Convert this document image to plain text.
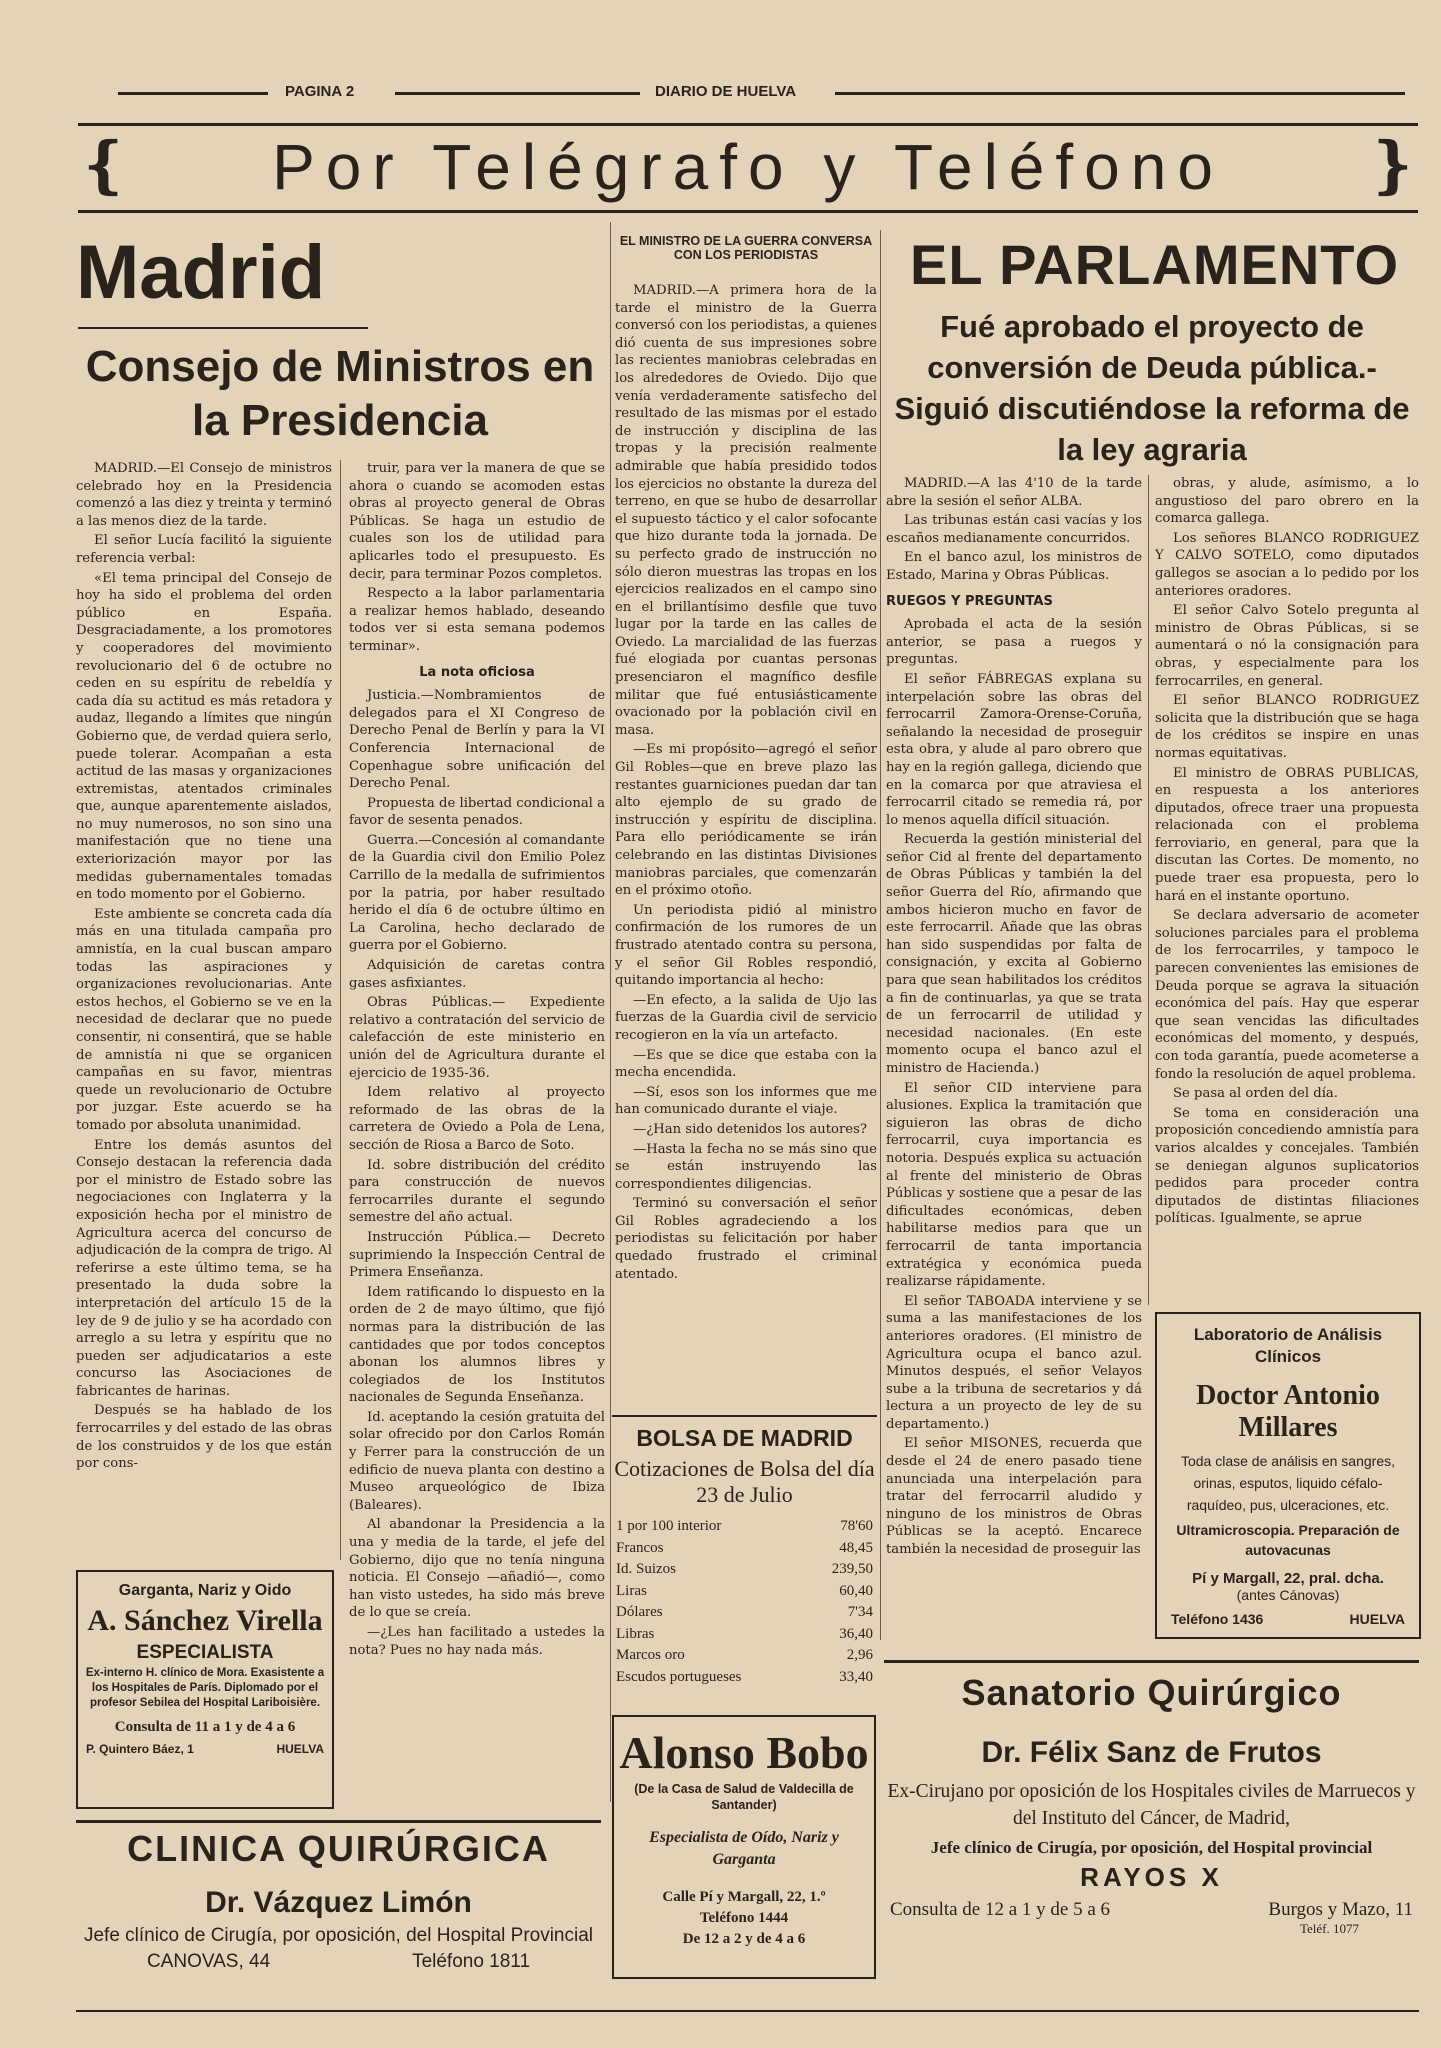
PAGINA 2	DIARIO DE HUELVA
❴ Por Telégrafo y Teléfono ❵
Madrid
Consejo de Ministros en la Presidencia

MADRID.—El Consejo de ministros celebrado hoy en la Presidencia comenzó a las diez y treinta y terminó a las menos diez de la tarde.

El señor Lucía facilitó la siguiente referencia verbal:

«El tema principal del Consejo de hoy ha sido el problema del orden público en España. Desgraciadamente, a los promotores y cooperadores del movimiento revolucionario del 6 de octubre no ceden en su espíritu de rebeldía y cada día su actitud es más retadora y audaz, llegando a límites que ningún Gobierno que, de verdad quiera serlo, puede tolerar. Acompañan a esta actitud de las masas y organizaciones extremistas, atentados criminales que, aunque aparentemente aislados, no muy numerosos, no son sino una manifestación que no tiene una exteriorización mayor por las medidas gubernamentales tomadas en todo momento por el Gobierno.

Este ambiente se concreta cada día más en una titulada campaña pro amnistía, en la cual buscan amparo todas las aspiraciones y organizaciones revolucionarias. Ante estos hechos, el Gobierno se ve en la necesidad de declarar que no puede consentir, ni consentirá, que se hable de amnistía ni que se organicen campañas en su favor, mientras quede un revolucionario de Octubre por juzgar. Este acuerdo se ha tomado por absoluta unanimidad.

Entre los demás asuntos del Consejo destacan la referencia dada por el ministro de Estado sobre las negociaciones con Inglaterra y la exposición hecha por el ministro de Agricultura acerca del concurso de adjudicación de la compra de trigo. Al referirse a este último tema, se ha presentado la duda sobre la interpretación del artículo 15 de la ley de 9 de julio y se ha acordado con arreglo a su letra y espíritu que no pueden ser adjudicatarios a este concurso las Asociaciones de fabricantes de harinas.

Después se ha hablado de los ferrocarriles y del estado de las obras de los construidos y de los que están por cons-

truir, para ver la manera de que se ahora o cuando se acomoden estas obras al proyecto general de Obras Públicas. Se haga un estudio de cuales son los de utilidad para aplicarles todo el presupuesto. Es decir, para terminar Pozos completos.

Respecto a la labor parlamentaria a realizar hemos hablado, deseando todos ver si esta semana podemos terminar».

La nota oficiosa

Justicia.—Nombramientos de delegados para el XI Congreso de Derecho Penal de Berlín y para la VI Conferencia Internacional de Copenhague sobre unificación del Derecho Penal.

Propuesta de libertad condicional a favor de sesenta penados.

Guerra.—Concesión al comandante de la Guardia civil don Emilio Polez Carrillo de la medalla de sufrimientos por la patria, por haber resultado herido el día 6 de octubre último en La Carolina, hecho declarado de guerra por el Gobierno.

Adquisición de caretas contra gases asfixiantes.

Obras Públicas.— Expediente relativo a contratación del servicio de calefacción de este ministerio en unión del de Agricultura durante el ejercicio de 1935-36.

Idem relativo al proyecto reformado de las obras de la carretera de Oviedo a Pola de Lena, sección de Riosa a Barco de Soto.

Id. sobre distribución del crédito para construcción de nuevos ferrocarriles durante el segundo semestre del año actual.

Instrucción Pública.— Decreto suprimiendo la Inspección Central de Primera Enseñanza.

Idem ratificando lo dispuesto en la orden de 2 de mayo último, que fijó normas para la distribución de las cantidades que por todos conceptos abonan los alumnos libres y colegiados de los Institutos nacionales de Segunda Enseñanza.

Id. aceptando la cesión gratuita del solar ofrecido por don Carlos Román y Ferrer para la construcción de un edificio de nueva planta con destino a Museo arqueológico de Ibiza (Baleares).

Al abandonar la Presidencia a la una y media de la tarde, el jefe del Gobierno, dijo que no tenía ninguna noticia. El Consejo —añadió—, como han visto ustedes, ha sido más breve de lo que se creía.

—¿Les han facilitado a ustedes la nota? Pues no hay nada más.

Garganta, Nariz y Oido
A. Sánchez Virella
ESPECIALISTA
Ex-interno H. clínico de Mora. Exasistente a los Hospitales de París. Diplomado por el profesor Sebilea del Hospital Lariboisière.
Consulta de 11 a 1 y de 4 a 6
P. Quintero Báez, 1	HUELVA
CLINICA QUIRÚRGICA
Dr. Vázquez Limón
Jefe clínico de Cirugía, por oposición, del Hospital Provincial
CANOVAS, 44	Teléfono 1811
EL MINISTRO DE LA GUERRA CONVERSA CON LOS PERIODISTAS

MADRID.—A primera hora de la tarde el ministro de la Guerra conversó con los periodistas, a quienes dió cuenta de sus impresiones sobre las recientes maniobras celebradas en los alrededores de Oviedo. Dijo que venía verdaderamente satisfecho del resultado de las mismas por el estado de instrucción y disciplina de las tropas y la precisión realmente admirable que había presidido todos los ejercicios no obstante la dureza del terreno, en que se hubo de desarrollar el supuesto táctico y el calor sofocante que hizo durante toda la jornada. De su perfecto grado de instrucción no sólo dieron muestras las tropas en los ejercicios realizados en el campo sino en el brillantísimo desfile que tuvo lugar por la tarde en las calles de Oviedo. La marcialidad de las fuerzas fué elogiada por cuantas personas presenciaron el magnífico desfile militar que fué entusiásticamente ovacionado por la población civil en masa.

—Es mi propósito—agregó el señor Gil Robles—que en breve plazo las restantes guarniciones puedan dar tan alto ejemplo de su grado de instrucción y espíritu de disciplina. Para ello periódicamente se irán celebrando en las distintas Divisiones maniobras parciales, que comenzarán en el próximo otoño.

Un periodista pidió al ministro confirmación de los rumores de un frustrado atentado contra su persona, y el señor Gil Robles respondió, quitando importancia al hecho:

—En efecto, a la salida de Ujo las fuerzas de la Guardia civil de servicio recogieron en la vía un artefacto.

—Es que se dice que estaba con la mecha encendida.

—Sí, esos son los informes que me han comunicado durante el viaje.

—¿Han sido detenidos los autores?

—Hasta la fecha no se más sino que se están instruyendo las correspondientes diligencias.

Terminó su conversación el señor Gil Robles agradeciendo a los periodistas su felicitación por haber quedado frustrado el criminal atentado.

BOLSA DE MADRID
Cotizaciones de Bolsa del día 23 de Julio
1 por 100 interior	78'60
Francos	48,45
Id. Suizos	239,50
Liras	60,40
Dólares	7'34
Libras	36,40
Marcos oro	2,96
Escudos portugueses	33,40
Alonso Bobo
(De la Casa de Salud de Valdecilla de Santander)
Especialista de Oído, Nariz y Garganta
Calle Pí y Margall, 22, 1.º
Teléfono 1444
De 12 a 2 y de 4 a 6
EL PARLAMENTO
Fué aprobado el proyecto de conversión de Deuda pública.-Siguió discutiéndose la reforma de la ley agraria

MADRID.—A las 4'10 de la tarde abre la sesión el señor ALBA.

Las tribunas están casi vacías y los escaños medianamente concurridos.

En el banco azul, los ministros de Estado, Marina y Obras Públicas.

RUEGOS Y PREGUNTAS

Aprobada el acta de la sesión anterior, se pasa a ruegos y preguntas.

El señor FÁBREGAS explana su interpelación sobre las obras del ferrocarril Zamora-Orense-Coruña, señalando la necesidad de proseguir esta obra, y alude al paro obrero que hay en la región gallega, diciendo que en la comarca por que atraviesa el ferrocarril citado se remedia rá, por lo menos aquella difícil situación.

Recuerda la gestión ministerial del señor Cid al frente del departamento de Obras Públicas y también la del señor Guerra del Río, afirmando que ambos hicieron mucho en favor de este ferrocarril. Añade que las obras han sido suspendidas por falta de consignación, y excita al Gobierno para que sean habilitados los créditos a fin de continuarlas, ya que se trata de un ferrocarril de utilidad y necesidad nacionales. (En este momento ocupa el banco azul el ministro de Hacienda.)

El señor CID interviene para alusiones. Explica la tramitación que siguieron las obras de dicho ferrocarril, cuya importancia es notoria. Después explica su actuación al frente del ministerio de Obras Públicas y sostiene que a pesar de las dificultades económicas, deben habilitarse medios para que un ferrocarril de tanta importancia extratégica y económica pueda realizarse rápidamente.

El señor TABOADA interviene y se suma a las manifestaciones de los anteriores oradores. (El ministro de Agricultura ocupa el banco azul. Minutos después, el señor Velayos sube a la tribuna de secretarios y dá lectura a un proyecto de ley de su departamento.)

El señor MISONES, recuerda que desde el 24 de enero pasado tiene anunciada una interpelación para tratar del ferrocarril aludido y ninguno de los ministros de Obras Públicas se la aceptó. Encarece también la necesidad de proseguir las

obras, y alude, asímismo, a lo angustioso del paro obrero en la comarca gallega.

Los señores BLANCO RODRIGUEZ Y CALVO SOTELO, como diputados gallegos se asocian a lo pedido por los anteriores oradores.

El señor Calvo Sotelo pregunta al ministro de Obras Públicas, si se aumentará o nó la consignación para obras, y especialmente para los ferrocarriles, en general.

El señor BLANCO RODRIGUEZ solicita que la distribución que se haga de los créditos se inspire en unas normas equitativas.

El ministro de OBRAS PUBLICAS, en respuesta a los anteriores diputados, ofrece traer una propuesta relacionada con el problema ferroviario, en general, para que la discutan las Cortes. De momento, no puede traer esa propuesta, pero lo hará en el instante oportuno.

Se declara adversario de acometer soluciones parciales para el problema de los ferrocarriles, y tampoco le parecen convenientes las emisiones de Deuda porque se agrava la situación económica del país. Hay que esperar que sean vencidas las dificultades económicas del momento, y después, con toda garantía, puede acometerse a fondo la resolución de aquel problema.

Se pasa al orden del día.

Se toma en consideración una proposición concediendo amnistía para varios alcaldes y concejales. También se deniegan algunos suplicatorios pedidos para proceder contra diputados de distintas filiaciones políticas. Igualmente, se aprue

Laboratorio de Análisis Clínicos
Doctor Antonio Millares
Toda clase de análisis en sangres, orinas, esputos, liquido céfalo-raquídeo, pus, ulceraciones, etc.
Ultramicroscopia. Preparación de autovacunas
Pí y Margall, 22, pral. dcha.
(antes Cánovas)
Teléfono 1436	HUELVA
Sanatorio Quirúrgico
Dr. Félix Sanz de Frutos
Ex-Cirujano por oposición de los Hospitales civiles de Marruecos y del Instituto del Cáncer, de Madrid,
Jefe clínico de Cirugía, por oposición, del Hospital provincial
RAYOS X
Consulta de 12 a 1 y de 5 a 6	Burgos y Mazo, 11
Teléf. 1077
